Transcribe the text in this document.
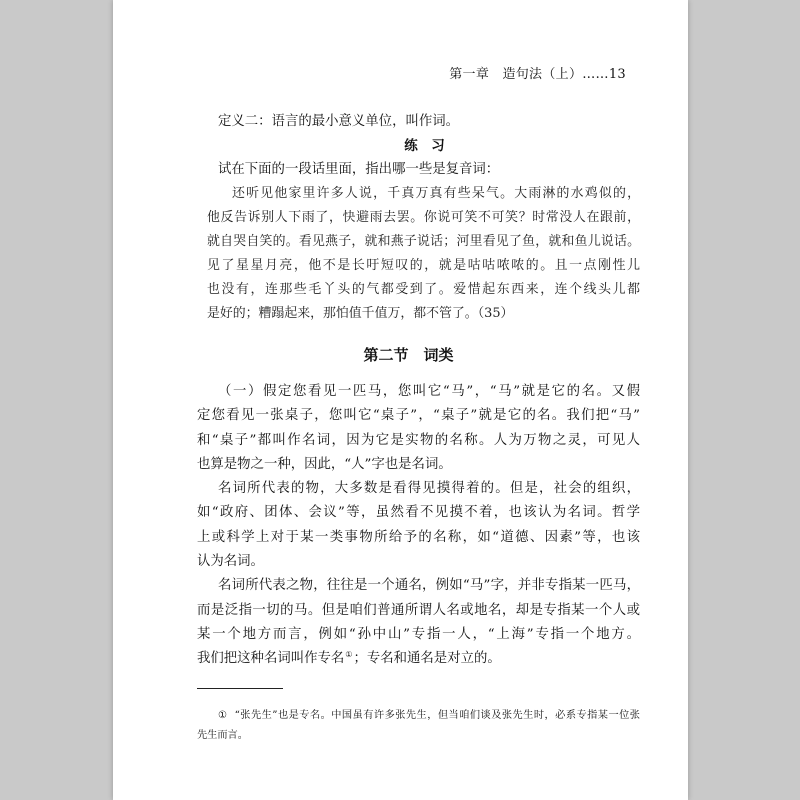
第一章　造句法（上）……13

定义二：语言的最小意义单位，叫作词。

练　习

试在下面的一段话里面，指出哪一些是复音词：

还听见他家里许多人说，千真万真有些呆气。大雨淋的水鸡似的，

他反告诉别人下雨了，快避雨去罢。你说可笑不可笑？时常没人在跟前，

就自哭自笑的。看见燕子，就和燕子说话；河里看见了鱼，就和鱼儿说话。

见了星星月亮，他不是长吁短叹的，就是咕咕哝哝的。且一点刚性儿

也没有，连那些毛丫头的气都受到了。爱惜起东西来，连个线头儿都

是好的；糟蹋起来，那怕值千值万，都不管了。（35）

第二节　词类

（一）假定您看见一匹马，您叫它“马”，“马”就是它的名。又假

定您看见一张桌子，您叫它“桌子”，“桌子”就是它的名。我们把“马”

和“桌子”都叫作名词，因为它是实物的名称。人为万物之灵，可见人

也算是物之一种，因此，“人”字也是名词。

名词所代表的物，大多数是看得见摸得着的。但是，社会的组织，

如“政府、团体、会议”等，虽然看不见摸不着，也该认为名词。哲学

上或科学上对于某一类事物所给予的名称，如“道德、因素”等，也该

认为名词。

名词所代表之物，往往是一个通名，例如“马”字，并非专指某一匹马，

而是泛指一切的马。但是咱们普通所谓人名或地名，却是专指某一个人或

某一个地方而言，例如“孙中山”专指一人，“上海”专指一个地方。

我们把这种名词叫作专名①；专名和通名是对立的。

① “张先生”也是专名。中国虽有许多张先生，但当咱们谈及张先生时，必系专指某一位张

先生而言。
